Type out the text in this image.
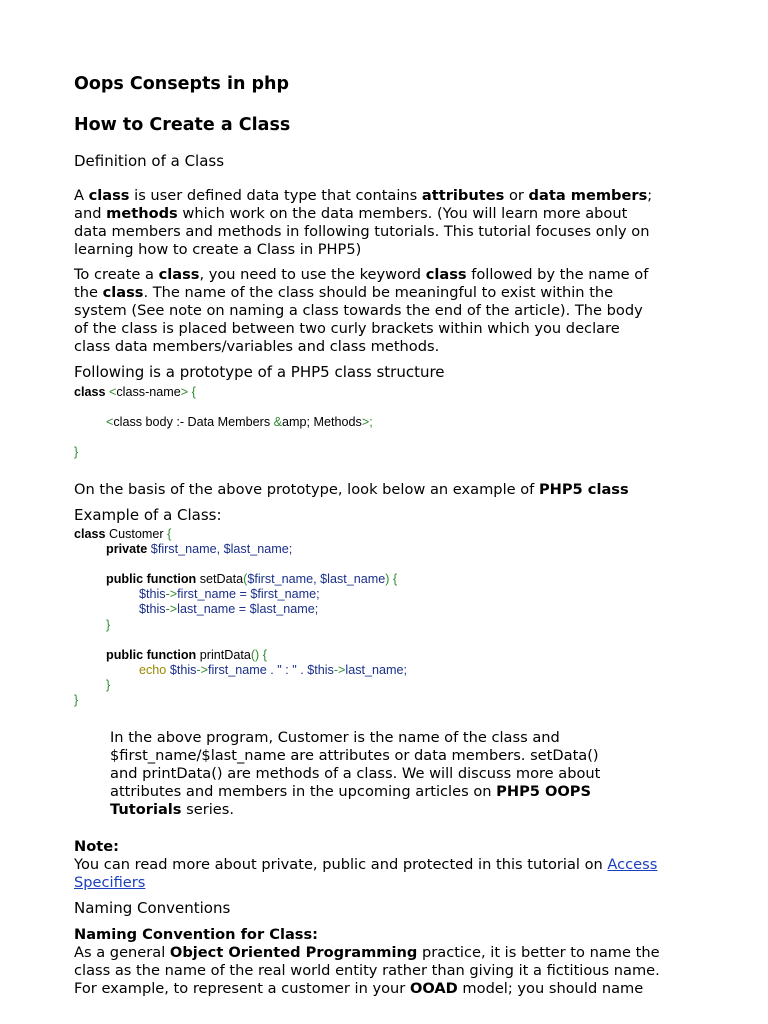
Oops Consepts in php
How to Create a Class
Definition of a Class
A class is user defined data type that contains attributes or data members;
and methods which work on the data members. (You will learn more about
data members and methods in following tutorials. This tutorial focuses only on
learning how to create a Class in PHP5)
To create a class, you need to use the keyword class followed by the name of
the class. The name of the class should be meaningful to exist within the
system (See note on naming a class towards the end of the article). The body
of the class is placed between two curly brackets within which you declare
class data members/variables and class methods.
Following is a prototype of a PHP5 class structure
class <class-name> {
<class body :- Data Members &amp; Methods>;
}
On the basis of the above prototype, look below an example of PHP5 class
Example of a Class:
class Customer {
private $first_name, $last_name;
public function setData($first_name, $last_name) {
$this->first_name = $first_name;
$this->last_name = $last_name;
}
public function printData() {
echo $this->first_name . " : " . $this->last_name;
}
}
In the above program, Customer is the name of the class and
$first_name/$last_name are attributes or data members. setData()
and printData() are methods of a class. We will discuss more about
attributes and members in the upcoming articles on PHP5 OOPS
Tutorials series.
Note:
You can read more about private, public and protected in this tutorial on Access
Specifiers
Naming Conventions
Naming Convention for Class:
As a general Object Oriented Programming practice, it is better to name the
class as the name of the real world entity rather than giving it a fictitious name.
For example, to represent a customer in your OOAD model; you should name
